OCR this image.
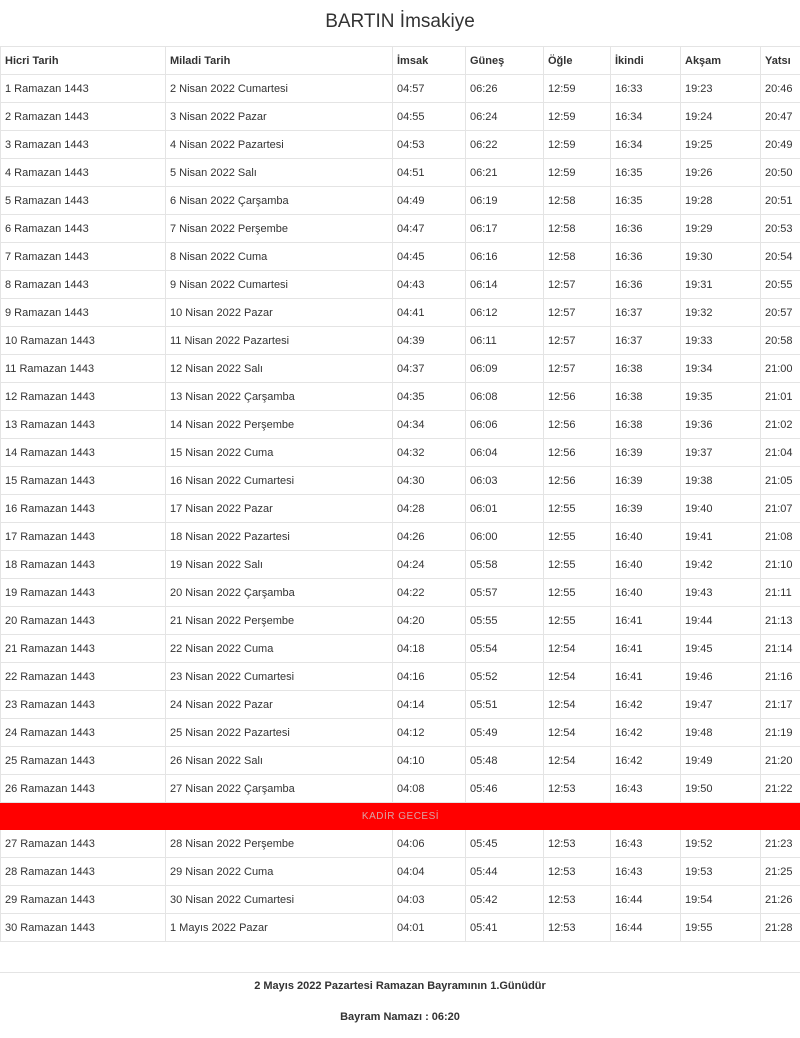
BARTIN İmsakiye
Hicri Tarih	Miladi Tarih	İmsak	Güneş	Öğle	İkindi	Akşam	Yatsı
1 Ramazan 1443	2 Nisan 2022 Cumartesi	04:57	06:26	12:59	16:33	19:23	20:46
2 Ramazan 1443	3 Nisan 2022 Pazar	04:55	06:24	12:59	16:34	19:24	20:47
3 Ramazan 1443	4 Nisan 2022 Pazartesi	04:53	06:22	12:59	16:34	19:25	20:49
4 Ramazan 1443	5 Nisan 2022 Salı	04:51	06:21	12:59	16:35	19:26	20:50
5 Ramazan 1443	6 Nisan 2022 Çarşamba	04:49	06:19	12:58	16:35	19:28	20:51
6 Ramazan 1443	7 Nisan 2022 Perşembe	04:47	06:17	12:58	16:36	19:29	20:53
7 Ramazan 1443	8 Nisan 2022 Cuma	04:45	06:16	12:58	16:36	19:30	20:54
8 Ramazan 1443	9 Nisan 2022 Cumartesi	04:43	06:14	12:57	16:36	19:31	20:55
9 Ramazan 1443	10 Nisan 2022 Pazar	04:41	06:12	12:57	16:37	19:32	20:57
10 Ramazan 1443	11 Nisan 2022 Pazartesi	04:39	06:11	12:57	16:37	19:33	20:58
11 Ramazan 1443	12 Nisan 2022 Salı	04:37	06:09	12:57	16:38	19:34	21:00
12 Ramazan 1443	13 Nisan 2022 Çarşamba	04:35	06:08	12:56	16:38	19:35	21:01
13 Ramazan 1443	14 Nisan 2022 Perşembe	04:34	06:06	12:56	16:38	19:36	21:02
14 Ramazan 1443	15 Nisan 2022 Cuma	04:32	06:04	12:56	16:39	19:37	21:04
15 Ramazan 1443	16 Nisan 2022 Cumartesi	04:30	06:03	12:56	16:39	19:38	21:05
16 Ramazan 1443	17 Nisan 2022 Pazar	04:28	06:01	12:55	16:39	19:40	21:07
17 Ramazan 1443	18 Nisan 2022 Pazartesi	04:26	06:00	12:55	16:40	19:41	21:08
18 Ramazan 1443	19 Nisan 2022 Salı	04:24	05:58	12:55	16:40	19:42	21:10
19 Ramazan 1443	20 Nisan 2022 Çarşamba	04:22	05:57	12:55	16:40	19:43	21:11
20 Ramazan 1443	21 Nisan 2022 Perşembe	04:20	05:55	12:55	16:41	19:44	21:13
21 Ramazan 1443	22 Nisan 2022 Cuma	04:18	05:54	12:54	16:41	19:45	21:14
22 Ramazan 1443	23 Nisan 2022 Cumartesi	04:16	05:52	12:54	16:41	19:46	21:16
23 Ramazan 1443	24 Nisan 2022 Pazar	04:14	05:51	12:54	16:42	19:47	21:17
24 Ramazan 1443	25 Nisan 2022 Pazartesi	04:12	05:49	12:54	16:42	19:48	21:19
25 Ramazan 1443	26 Nisan 2022 Salı	04:10	05:48	12:54	16:42	19:49	21:20
26 Ramazan 1443	27 Nisan 2022 Çarşamba	04:08	05:46	12:53	16:43	19:50	21:22
KADİR GECESİ							
27 Ramazan 1443	28 Nisan 2022 Perşembe	04:06	05:45	12:53	16:43	19:52	21:23
28 Ramazan 1443	29 Nisan 2022 Cuma	04:04	05:44	12:53	16:43	19:53	21:25
29 Ramazan 1443	30 Nisan 2022 Cumartesi	04:03	05:42	12:53	16:44	19:54	21:26
30 Ramazan 1443	1 Mayıs 2022 Pazar	04:01	05:41	12:53	16:44	19:55	21:28
2 Mayıs 2022 Pazartesi Ramazan Bayramının 1.Günüdür
Bayram Namazı : 06:20
